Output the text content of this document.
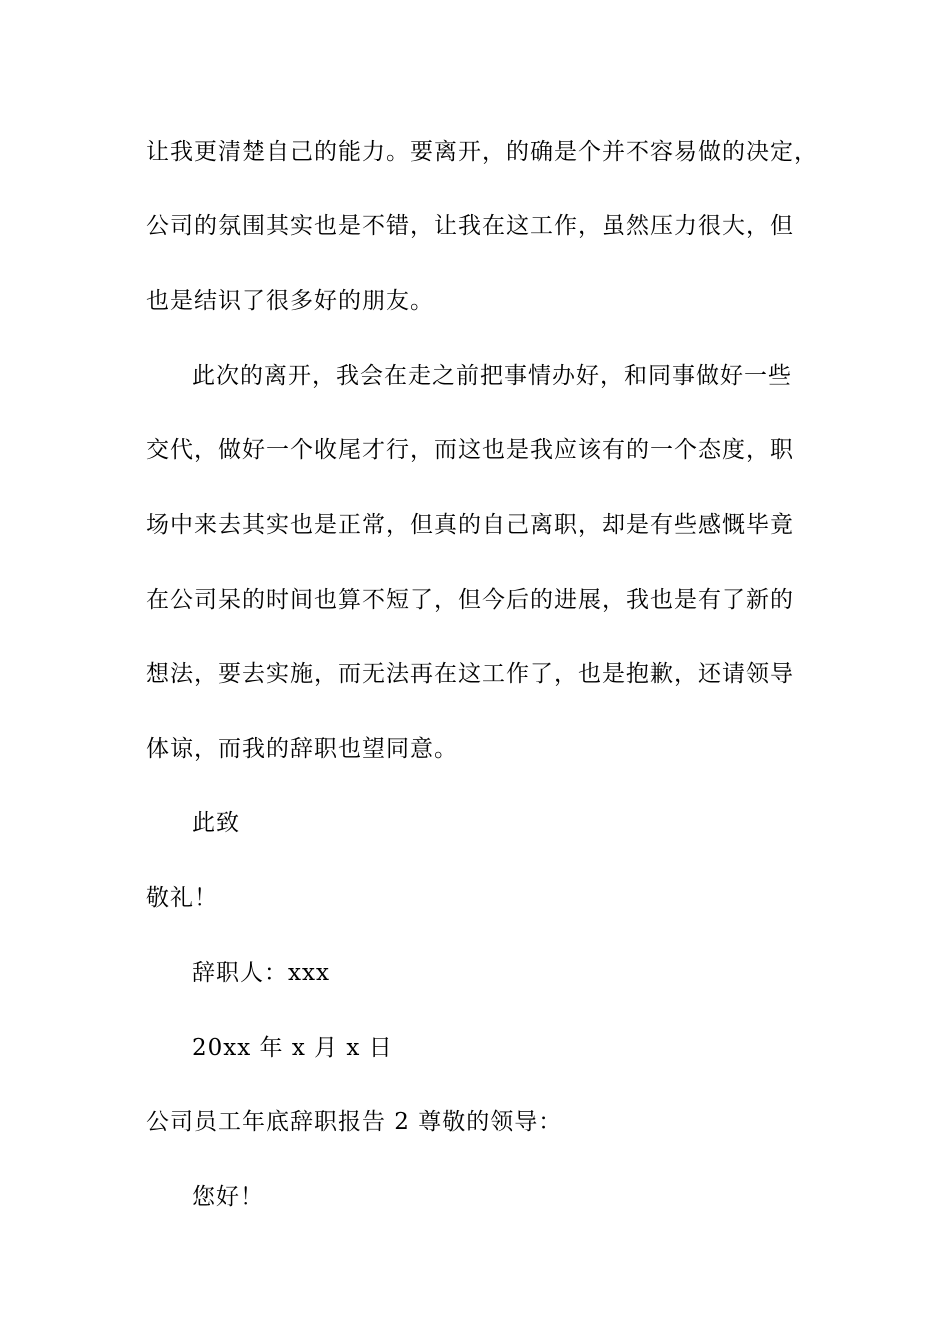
让我更清楚自己的能力。要离开，的确是个并不容易做的决定，
公司的氛围其实也是不错，让我在这工作，虽然压力很大，但
也是结识了很多好的朋友。
此次的离开，我会在走之前把事情办好，和同事做好一些
交代，做好一个收尾才行，而这也是我应该有的一个态度，职
场中来去其实也是正常，但真的自己离职，却是有些感慨毕竟
在公司呆的时间也算不短了，但今后的进展，我也是有了新的
想法，要去实施，而无法再在这工作了，也是抱歉，还请领导
体谅，而我的辞职也望同意。
此致
敬礼！
辞职人：xxx
20xx 年 x 月 x 日
公司员工年底辞职报告 2 尊敬的领导：
您好！
